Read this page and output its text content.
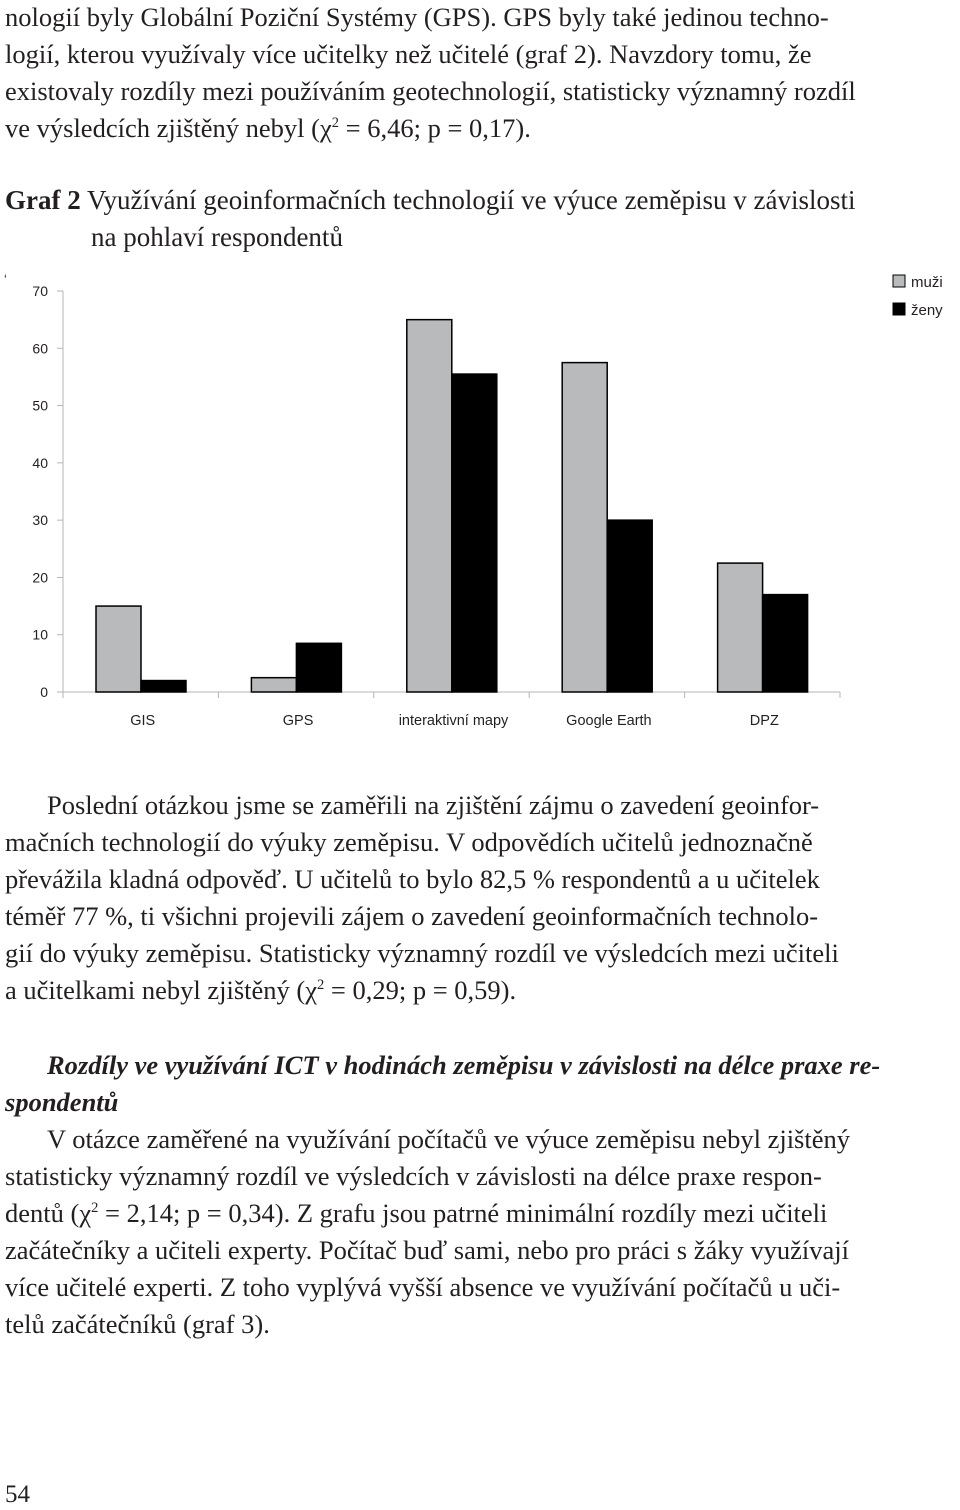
nologií byly Globální Poziční Systémy (GPS). GPS byly také jedinou techno-
logií, kterou využívaly více učitelky než učitelé (graf 2). Navzdory tomu, že
existovaly rozdíly mezi používáním geotechnologií, statisticky významný rozdíl
ve výsledcích zjištěný nebyl ($\chi^2 = 6,46$; p = 0,17).
Graf 2 Využívání geoinformačních technologií ve výuce zeměpisu v závislosti
na pohlaví respondentů
ʻ
0
10
20
30
40
50
60
70
GIS	GPS	interaktivní mapy	Google Earth	DPZ
muži
ženy
Poslední otázkou jsme se zaměřili na zjištění zájmu o zavedení geoinfor-
mačních technologií do výuky zeměpisu. V odpovědích učitelů jednoznačně
převážila kladná odpověď. U učitelů to bylo 82,5 % respondentů a u učitelek
téměř 77 %, ti všichni projevili zájem o zavedení geoinformačních technolo-
gií do výuky zeměpisu. Statisticky významný rozdíl ve výsledcích mezi učiteli
a učitelkami nebyl zjištěný ($\chi^2 = 0,29$; p = 0,59).
Rozdíly ve využívání ICT v hodinách zeměpisu v závislosti na délce praxe re-
spondentů
V otázce zaměřené na využívání počítačů ve výuce zeměpisu nebyl zjištěný
statisticky významný rozdíl ve výsledcích v závislosti na délce praxe respon-
dentů ($\chi^2 = 2,14$; p = 0,34). Z grafu jsou patrné minimální rozdíly mezi učiteli
začátečníky a učiteli experty. Počítač buď sami, nebo pro práci s žáky využívají
více učitelé experti. Z toho vyplývá vyšší absence ve využívání počítačů u uči-
telů začátečníků (graf 3).
54
